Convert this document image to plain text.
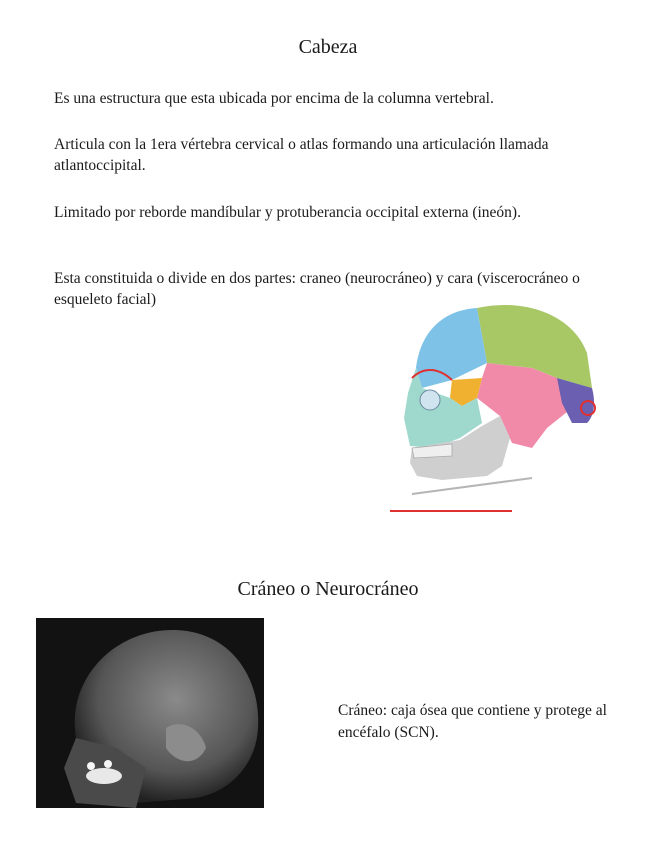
Cabeza

Es una estructura que esta ubicada por encima de la columna vertebral.

Articula con la 1era vértebra cervical o atlas formando una articulación llamada atlantoccipital.

Limitado por reborde mandíbular y protuberancia occipital externa (ineón).

Esta constituida o divide en dos partes: craneo (neurocráneo) y cara (viscerocráneo o esqueleto facial)

Cráneo o Neurocráneo

Cráneo: caja ósea que contiene y protege al encéfalo (SCN).
